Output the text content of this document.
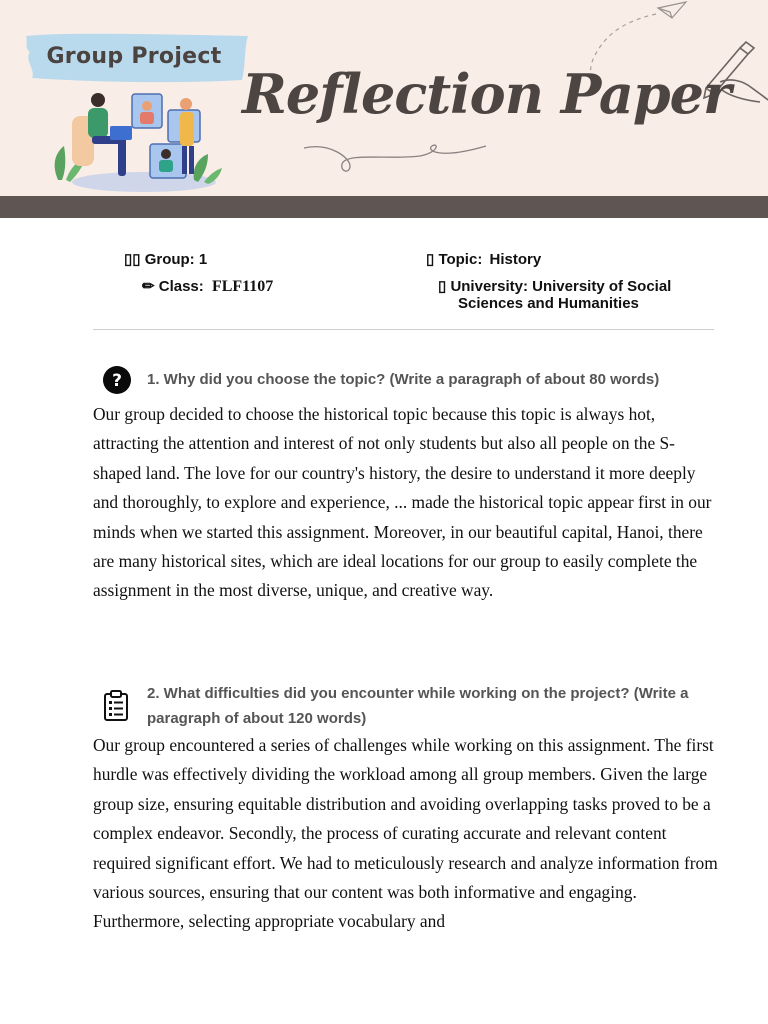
Group Project
Reflection Paper
▯▯ Group: 1
✏ Class: FLF1107
▯ Topic: History
▯ University: University of Social
Sciences and Humanities
? 1. Why did you choose the topic? (Write a paragraph of about 80 words)

Our group decided to choose the historical topic because this topic is always hot, attracting the attention and interest of not only students but also all people on the S-shaped land. The love for our country's history, the desire to understand it more deeply and thoroughly, to explore and experience, ... made the historical topic appear first in our minds when we started this assignment. Moreover, in our beautiful capital, Hanoi, there are many historical sites, which are ideal locations for our group to easily complete the assignment in the most diverse, unique, and creative way.

2. What difficulties did you encounter while working on the project? (Write a
paragraph of about 120 words)

Our group encountered a series of challenges while working on this assignment. The first hurdle was effectively dividing the workload among all group members. Given the large group size, ensuring equitable distribution and avoiding overlapping tasks proved to be a complex endeavor. Secondly, the process of curating accurate and relevant content required significant effort. We had to meticulously research and analyze information from various sources, ensuring that our content was both informative and engaging. Furthermore, selecting appropriate vocabulary and
